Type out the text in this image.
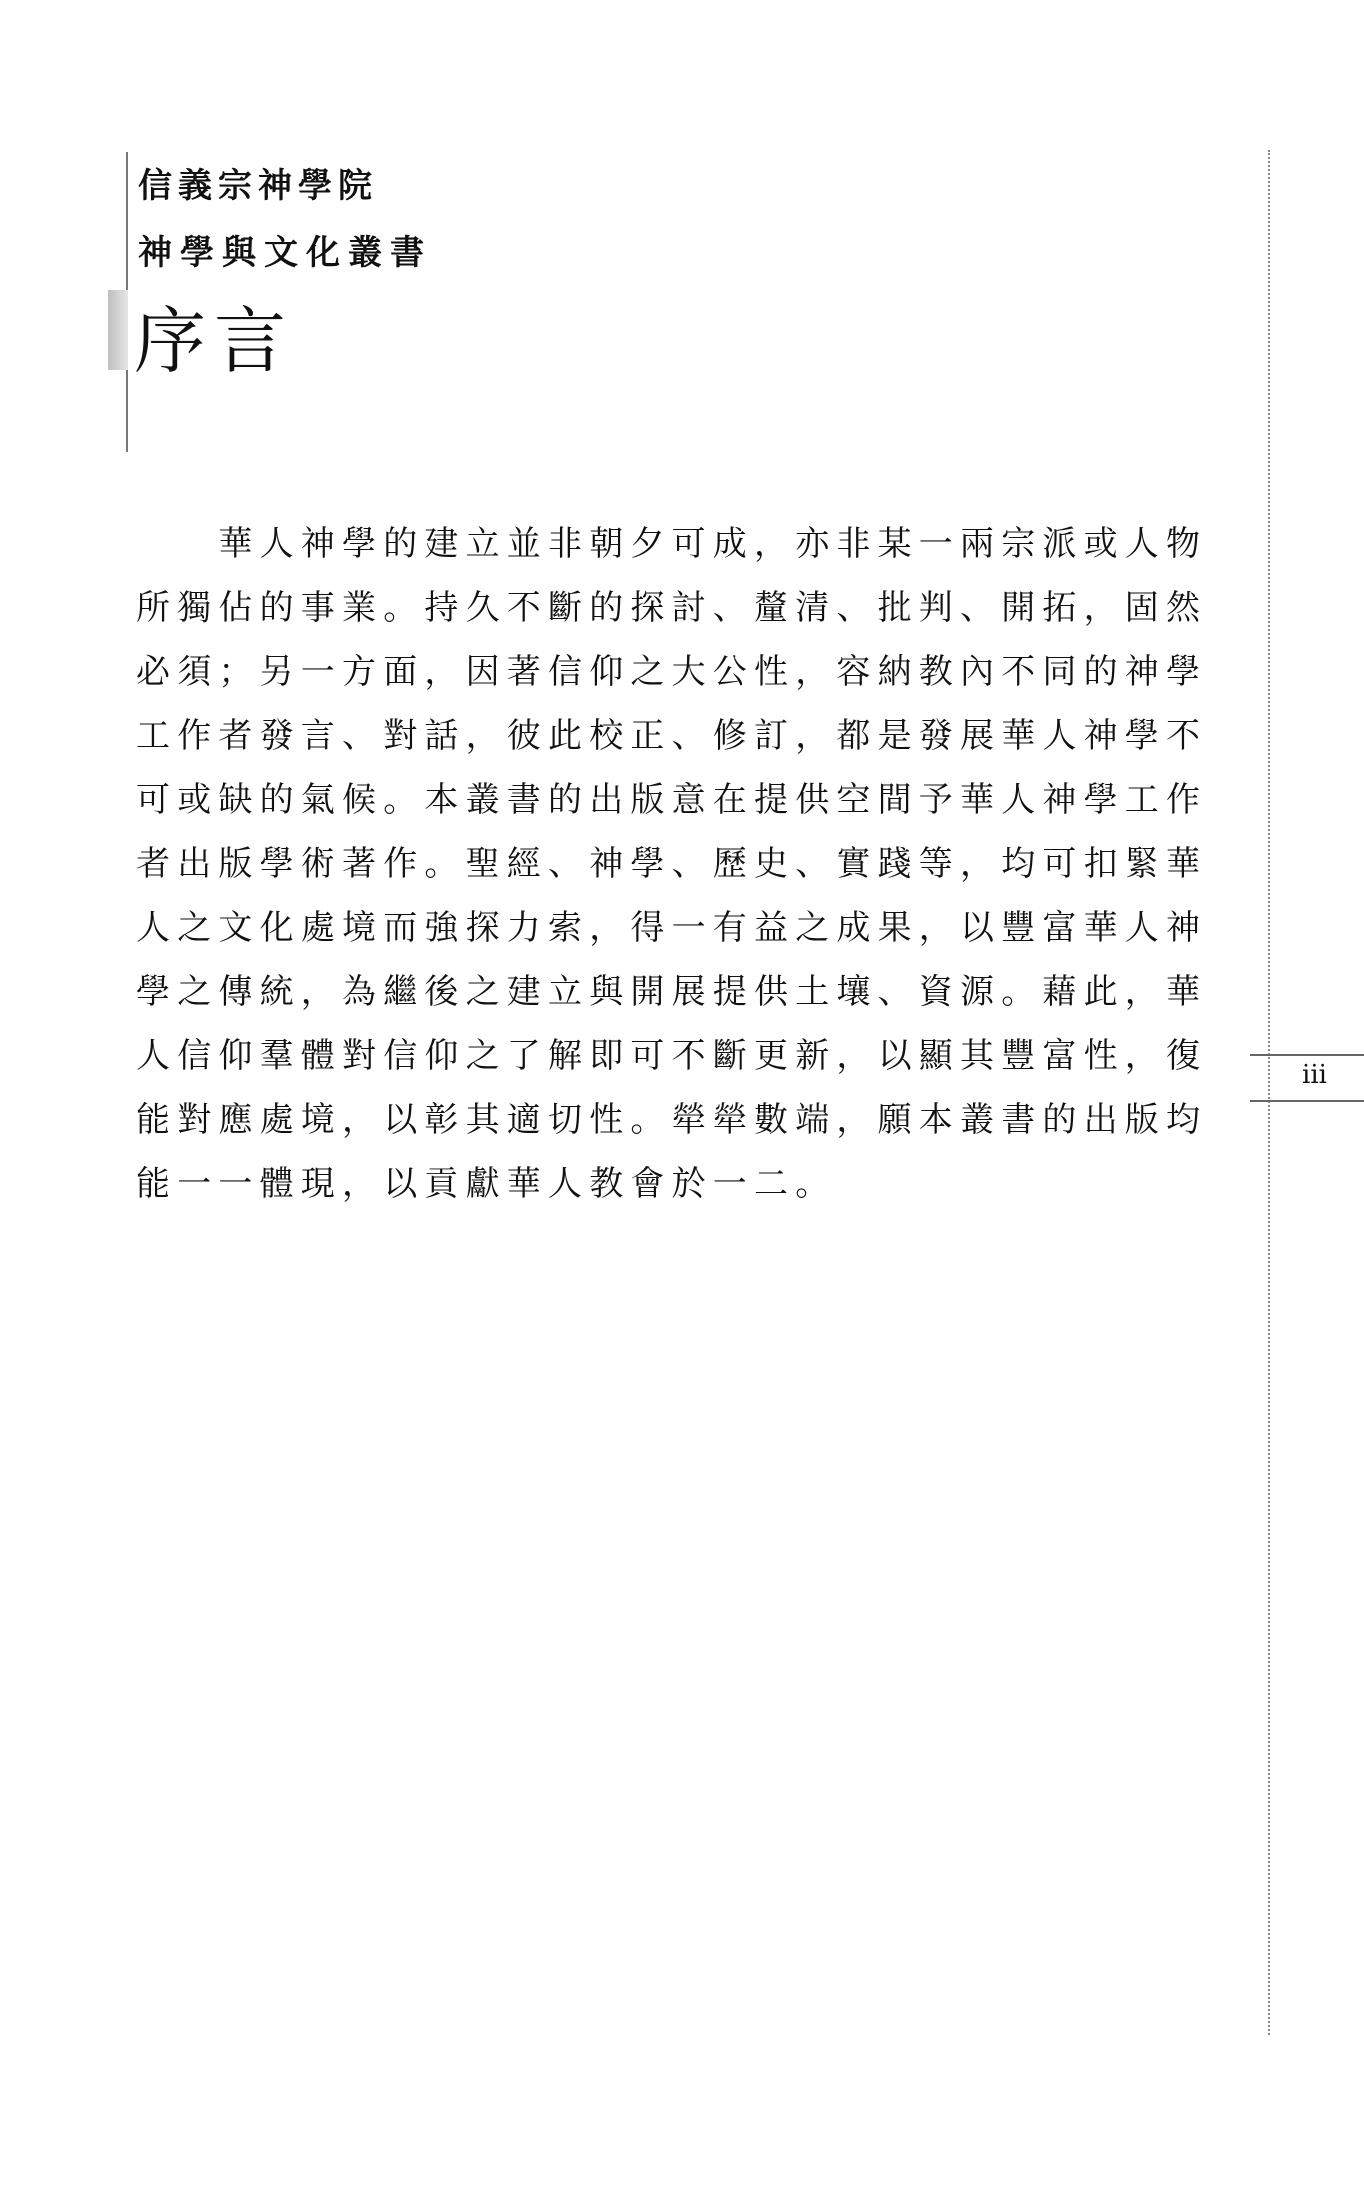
信義宗神學院
神學與文化叢書
序言
　　華人神學的建立並非朝夕可成，亦非某一兩宗派或人物
所獨佔的事業。持久不斷的探討、釐清、批判、開拓，固然
必須；另一方面，因著信仰之大公性，容納教內不同的神學
工作者發言、對話，彼此校正、修訂，都是發展華人神學不
可或缺的氣候。本叢書的出版意在提供空間予華人神學工作
者出版學術著作。聖經、神學、歷史、實踐等，均可扣緊華
人之文化處境而強探力索，得一有益之成果，以豐富華人神
學之傳統，為繼後之建立與開展提供土壤、資源。藉此，華
人信仰羣體對信仰之了解即可不斷更新，以顯其豐富性，復
能對應處境，以彰其適切性。犖犖數端，願本叢書的出版均
能一一體現，以貢獻華人教會於一二。
iii
